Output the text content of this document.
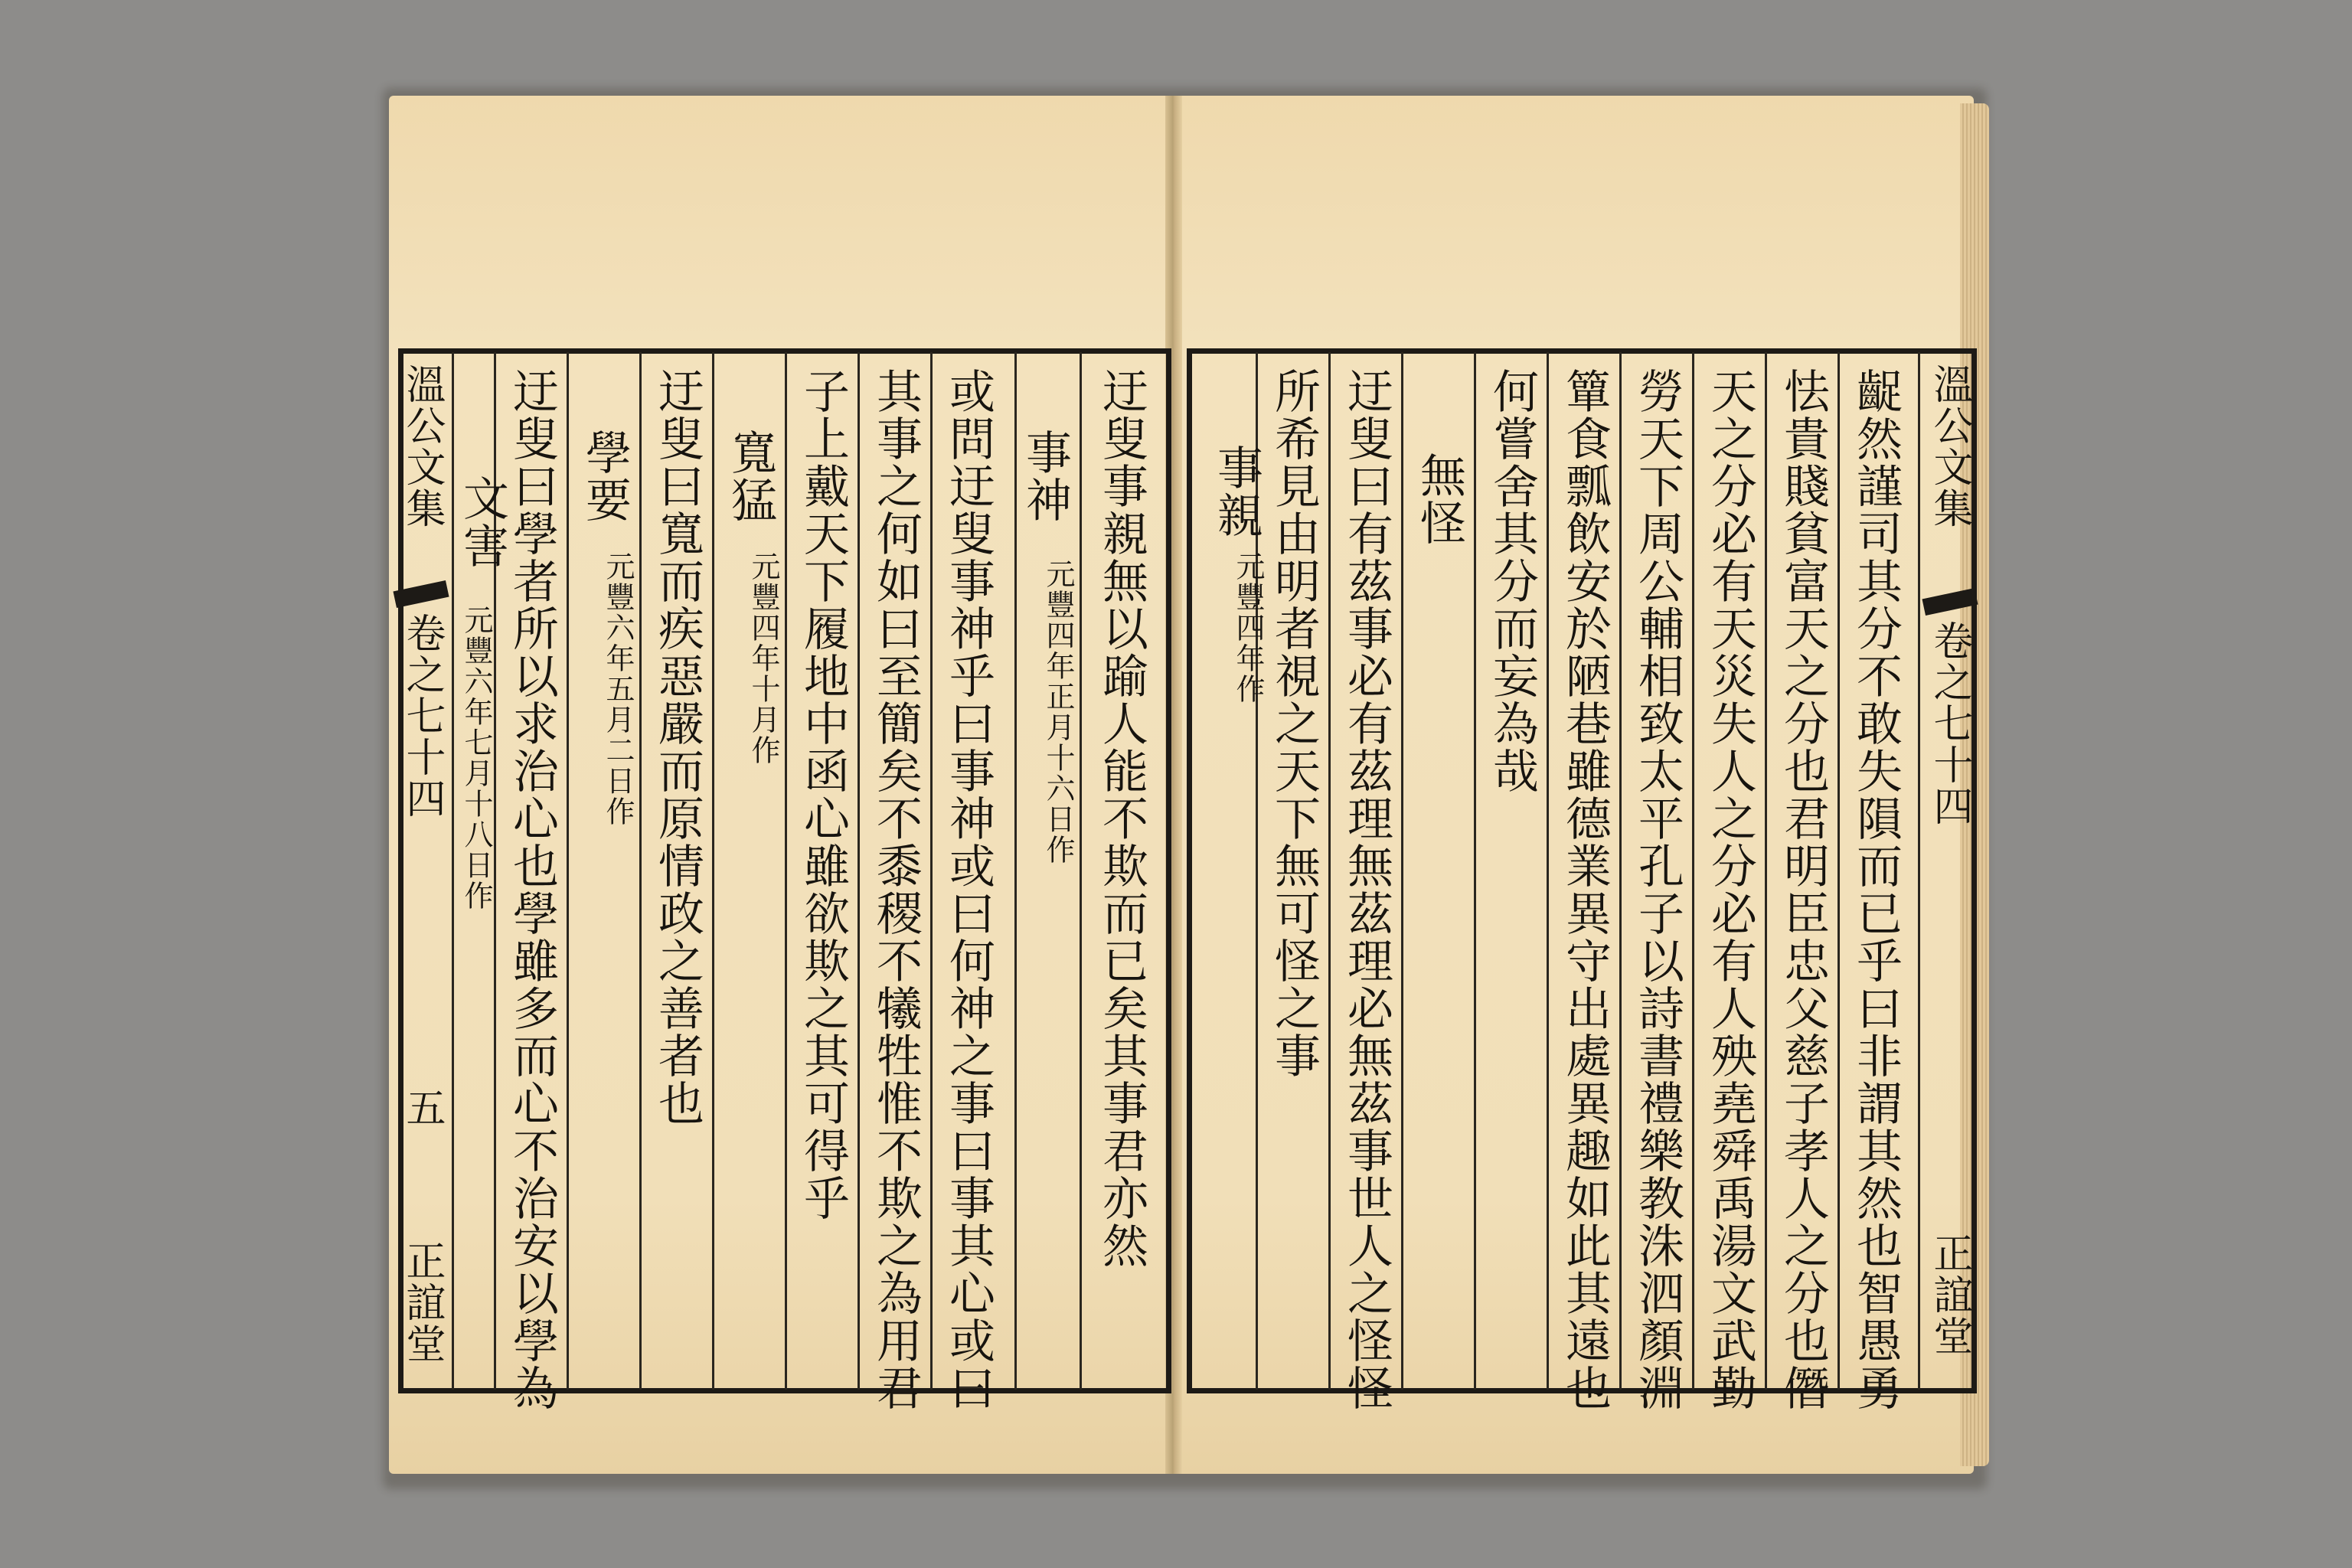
溫公文集
卷之七十四
五
正誼堂
迂叟事親無以踰人能不欺而已矣其事君亦然
事神
元豐四年正月十六日作
或問迂叟事神乎曰事神或曰何神之事曰事其心或曰
其事之何如曰至簡矣不黍稷不犧牲惟不欺之為用君
子上戴天下履地中函心雖欲欺之其可得乎
寬猛
元豐四年十月作
迂叟曰寬而疾惡嚴而原情政之善者也
學要
元豐六年五月二日作
迂叟曰學者所以求治心也學雖多而心不治安以學為
文害
元豐六年七月十八日作
溫公文集
卷之七十四
正誼堂
齪然謹司其分不敢失隕而已乎曰非謂其然也智愚勇
怯貴賤貧富天之分也君明臣忠父慈子孝人之分也僭
天之分必有天災失人之分必有人殃堯舜禹湯文武勤
勞天下周公輔相致太平孔子以詩書禮樂教洙泗顏淵
簞食瓢飲安於陋巷雖德業異守出處異趣如此其遠也
何嘗舍其分而妄為哉
無怪
迂叟曰有茲事必有茲理無茲理必無茲事世人之怪怪
所希見由明者視之天下無可怪之事
事親
元豐四年作
